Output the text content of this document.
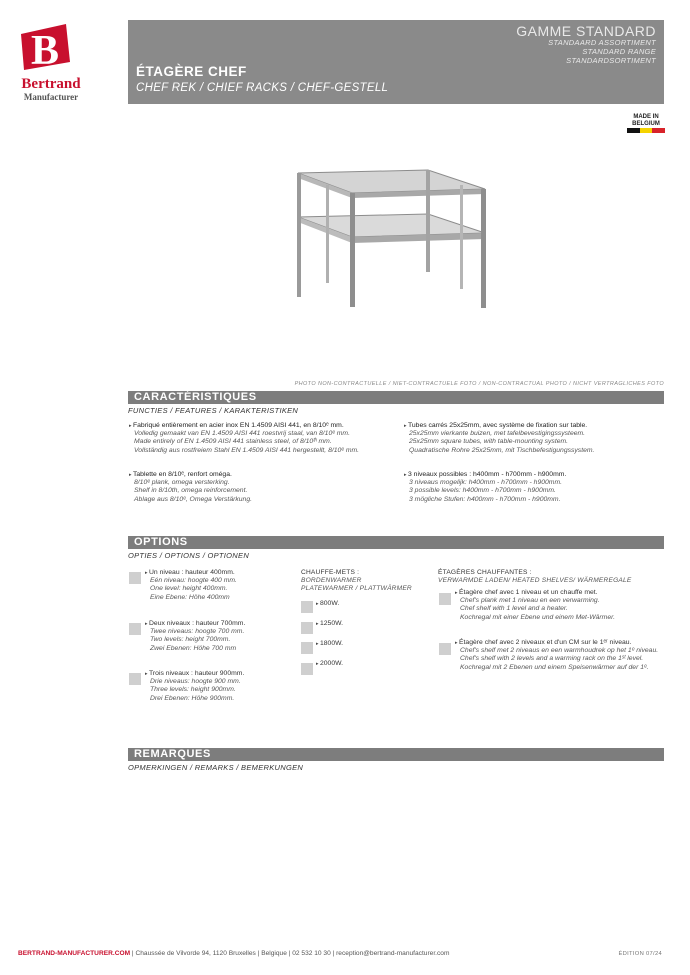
B
Bertrand
Manufacturer
GAMME STANDARD
STANDAARD ASSORTIMENT
STANDARD RANGE
STANDARDSORTIMENT
ÉTAGÈRE CHEF
CHEF REK / CHIEF RACKS / CHEF-GESTELL
MADE IN
BELGIUM
PHOTO NON-CONTRACTUELLE / NIET-CONTRACTUELE FOTO / NON-CONTRACTUAL PHOTO / NICHT VERTRAGLICHES FOTO
CARACTÉRISTIQUES
FUNCTIES / FEATURES / KARAKTERISTIKEN
▸Fabriqué entièrement en acier inox EN 1.4509 AISI 441, en 8/10ᵉ mm.
Volledig gemaakt van EN 1.4509 AISI 441 roestvrij staal, van 8/10ᵉ mm.
Made entirely of EN 1.4509 AISI 441 stainless steel, of 8/10ᵗʰ mm.
Vollständig aus rostfreiem Stahl EN 1.4509 AISI 441 hergestellt, 8/10ᵉ mm.
▸Tablette en 8/10ᵉ, renfort oméga.
8/10ᵉ plank, omega versterking.
Shelf in 8/10th, omega reinforcement.
Ablage aus 8/10ᵉ, Omega Verstärkung.
▸Tubes carrés 25x25mm, avec système de fixation sur table.
25x25mm vierkante buizen, met tafelbevestigingssysteem.
25x25mm square tubes, with table-mounting system.
Quadratische Rohre 25x25mm, mit Tischbefestigungssystem.
▸3 niveaux possibles : h400mm - h700mm - h900mm.
3 niveaus mogelijk: h400mm - h700mm - h900mm.
3 possible levels: h400mm - h700mm - h900mm.
3 mögliche Stufen: h400mm - h700mm - h900mm.
OPTIONS
OPTIES / OPTIONS / OPTIONEN
▸Un niveau : hauteur 400mm.
Eén niveau: hoogte 400 mm.
One level: height 400mm.
Eine Ebene: Höhe 400mm
▸Deux niveaux : hauteur 700mm.
Twee niveaus: hoogte 700 mm.
Two levels: height 700mm.
Zwei Ebenen: Höhe 700 mm
▸Trois niveaux : hauteur 900mm.
Drie niveaus: hoogte 900 mm.
Three levels: height 900mm.
Drei Ebenen: Höhe 900mm.
CHAUFFE-METS :
BORDENWARMER
PLATEWARMER / PLATTWÄRMER
▸800W.
▸1250W.
▸1800W.
▸2000W.
ÉTAGÈRES CHAUFFANTES :
VERWARMDE LADEN/ HEATED SHELVES/ WÄRMEREGALE
▸Étagère chef avec 1 niveau et un chauffe met.
Chef's plank met 1 niveau en een verwarming.
Chef shelf with 1 level and a heater.
Kochregal mit einer Ebene und einem Met-Wärmer.
▸Étagère chef avec 2 niveaux et d'un CM sur le 1ᵉʳ niveau.
Chef's shelf met 2 niveaus en een warmhoudrek op het 1ᵉ niveau.
Chef's shelf with 2 levels and a warming rack on the 1ˢᵗ level.
Kochregal mit 2 Ebenen und einem Speisenwärmer auf der 1ᵉ.
REMARQUES
OPMERKINGEN / REMARKS / BEMERKUNGEN
BERTRAND-MANUFACTURER.COM | Chaussée de Vilvorde 94, 1120 Bruxelles | Belgique | 02 532 10 30 | reception@bertrand-manufacturer.com	ÉDITION 07/24
